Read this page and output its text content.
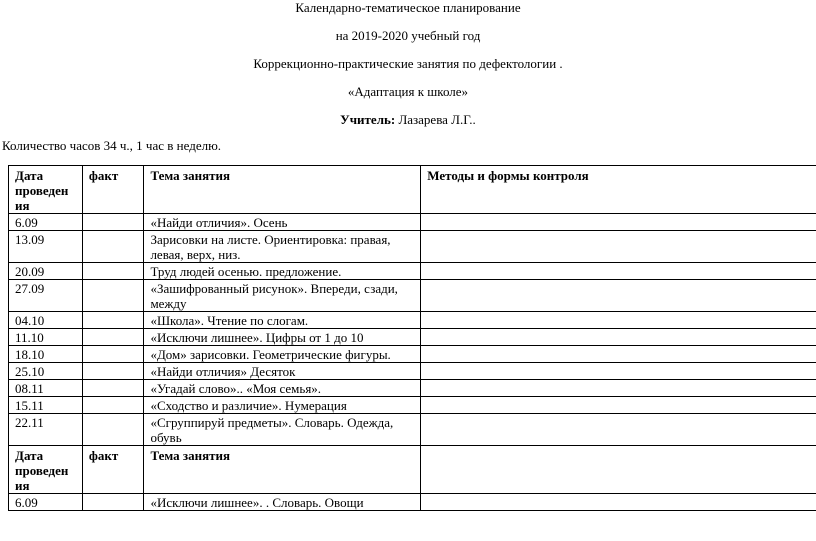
Календарно-тематическое планирование
на 2019-2020 учебный год
Коррекционно-практические занятия по дефектологии .
«Адаптация к школе»
Учитель: Лазарева Л.Г..
Количество часов 34 ч., 1 час в неделю.
Дата проведен ия	факт	Тема занятия	Методы и формы контроля
6.09		«Найди отличия». Осень	
13.09		Зарисовки на листе. Ориентировка: правая, левая, верх, низ.	
20.09		Труд людей осенью. предложение.	
27.09		«Зашифрованный рисунок». Впереди, сзади, между	
04.10		«Школа». Чтение по слогам.	
11.10		«Исключи лишнее». Цифры от 1 до 10	
18.10		«Дом» зарисовки. Геометрические фигуры.	
25.10		«Найди отличия» Десяток	
08.11		«Угадай слово».. «Моя семья».	
15.11		«Сходство и различие». Нумерация	
22.11		«Сгруппируй предметы». Словарь. Одежда, обувь	
Дата проведен ия	факт	Тема занятия	
6.09		«Исключи лишнее». . Словарь. Овощи	
